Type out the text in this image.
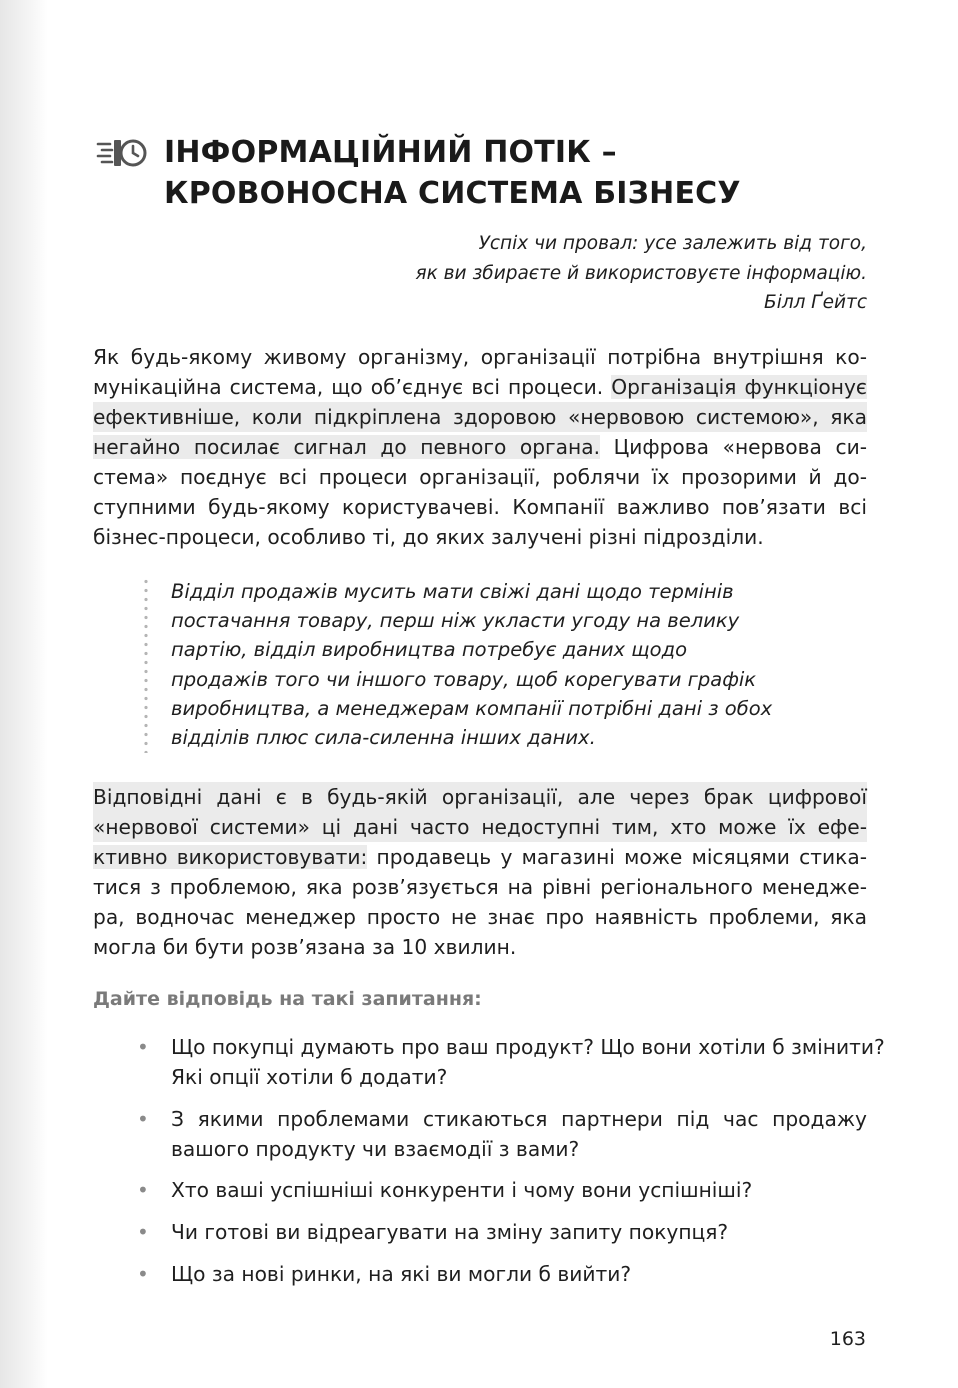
ІНФОРМАЦІЙНИЙ ПОТІК –
КРОВОНОСНА СИСТЕМА БІЗНЕСУ
Успіх чи провал: усе залежить від того,
як ви збираєте й використовуєте інформацію.
Білл Ґейтс
Як будь-якому живому організму, організації потрібна внутрішня ко-
мунікаційна система, що об’єднує всі процеси. Організація функціонує
ефективніше, коли підкріплена здоровою «нервовою системою», яка
негайно посилає сигнал до певного органа. Цифрова «нервова си-
стема» поєднує всі процеси організації, роблячи їх прозорими й до-
ступними будь-якому користувачеві. Компанії важливо пов’язати всі
бізнес-процеси, особливо ті, до яких залучені різні підрозділи.
Відділ продажів мусить мати свіжі дані щодо термінів
постачання товару, перш ніж укласти угоду на велику
партію, відділ виробництва потребує даних щодо
продажів того чи іншого товару, щоб корегувати графік
виробництва, а менеджерам компанії потрібні дані з обох
відділів плюс сила-силенна інших даних.
Відповідні дані є в будь-якій організації, але через брак цифрової
«нервової системи» ці дані часто недоступні тим, хто може їх ефе-
ктивно використовувати: продавець у магазині може місяцями стика-
тися з проблемою, яка розв’язується на рівні регіонального менедже-
ра, водночас менеджер просто не знає про наявність проблеми, яка
могла би бути розв’язана за 10 хвилин.
Дайте відповідь на такі запитання:
• Що покупці думають про ваш продукт? Що вони хотіли б змінити?
Які опції хотіли б додати?
• З якими проблемами стикаються партнери під час продажу
вашого продукту чи взаємодії з вами?
• Хто ваші успішніші конкуренти і чому вони успішніші?
• Чи готові ви відреагувати на зміну запиту покупця?
• Що за нові ринки, на які ви могли б вийти?
163
